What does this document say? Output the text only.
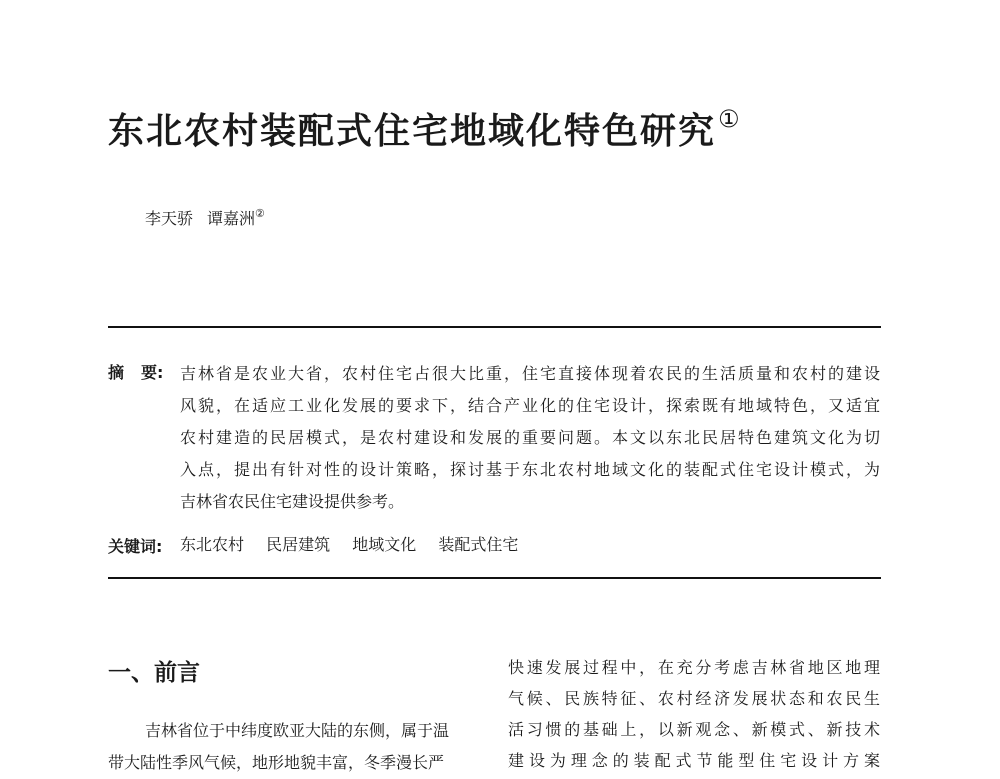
东北农村装配式住宅地域化特色研究①
李天骄 谭嘉洲②
摘 要: 吉林省是农业大省，农村住宅占很大比重，住宅直接体现着农民的生活质量和农村的建设
风貌，在适应工业化发展的要求下，结合产业化的住宅设计，探索既有地域特色，又适宜
农村建造的民居模式，是农村建设和发展的重要问题。本文以东北民居特色建筑文化为切
入点，提出有针对性的设计策略，探讨基于东北农村地域文化的装配式住宅设计模式，为
吉林省农民住宅建设提供参考。
关键词: 东北农村 民居建筑 地域文化 装配式住宅
一、前言
吉林省位于中纬度欧亚大陆的东侧，属于温
带大陆性季风气候，地形地貌丰富，冬季漫长严
快速发展过程中，在充分考虑吉林省地区地理
气候、民族特征、农村经济发展状态和农民生
活习惯的基础上，以新观念、新模式、新技术
建设为理念的装配式节能型住宅设计方案
